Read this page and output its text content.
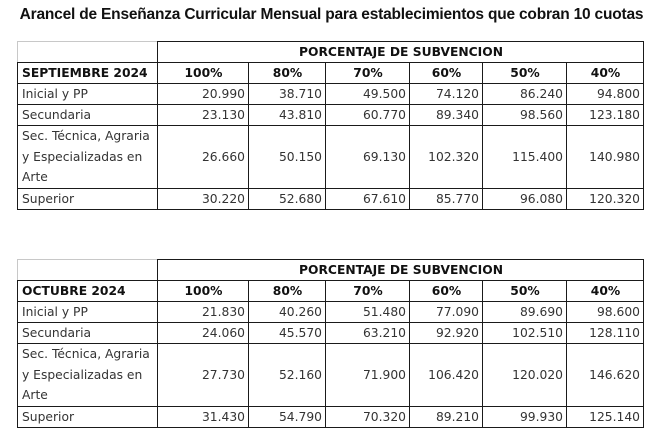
Arancel de Enseñanza Curricular Mensual para establecimientos que cobran 10 cuotas
	PORCENTAJE DE SUBVENCION					
SEPTIEMBRE 2024	100%	80%	70%	60%	50%	40%
Inicial y PP	20.990	38.710	49.500	74.120	86.240	94.800
Secundaria	23.130	43.810	60.770	89.340	98.560	123.180
Sec. Técnica, Agraria y Especializadas en Arte	26.660	50.150	69.130	102.320	115.400	140.980
Superior	30.220	52.680	67.610	85.770	96.080	120.320
	PORCENTAJE DE SUBVENCION					
OCTUBRE 2024	100%	80%	70%	60%	50%	40%
Inicial y PP	21.830	40.260	51.480	77.090	89.690	98.600
Secundaria	24.060	45.570	63.210	92.920	102.510	128.110
Sec. Técnica, Agraria y Especializadas en Arte	27.730	52.160	71.900	106.420	120.020	146.620
Superior	31.430	54.790	70.320	89.210	99.930	125.140
